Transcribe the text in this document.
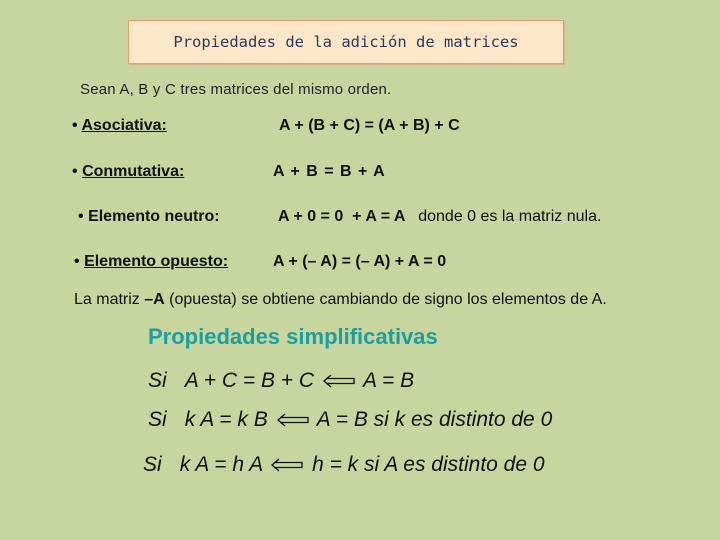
Propiedades de la adición de matrices
Sean A, B y C tres matrices del mismo orden.
• Asociativa:	A + (B + C) = (A + B) + C
• Conmutativa:	A + B = B + A
• Elemento neutro:	A + 0 = 0  + A = A donde 0 es la matriz nula.
• Elemento opuesto:	A + (– A) = (– A) + A = 0
La matriz –A (opuesta) se obtiene cambiando de signo los elementos de A.
Propiedades simplificativas
Si A + C = B + C A = B
Si k A = k B A = B si k es distinto de 0
Si k A = h A h = k si A es distinto de 0
